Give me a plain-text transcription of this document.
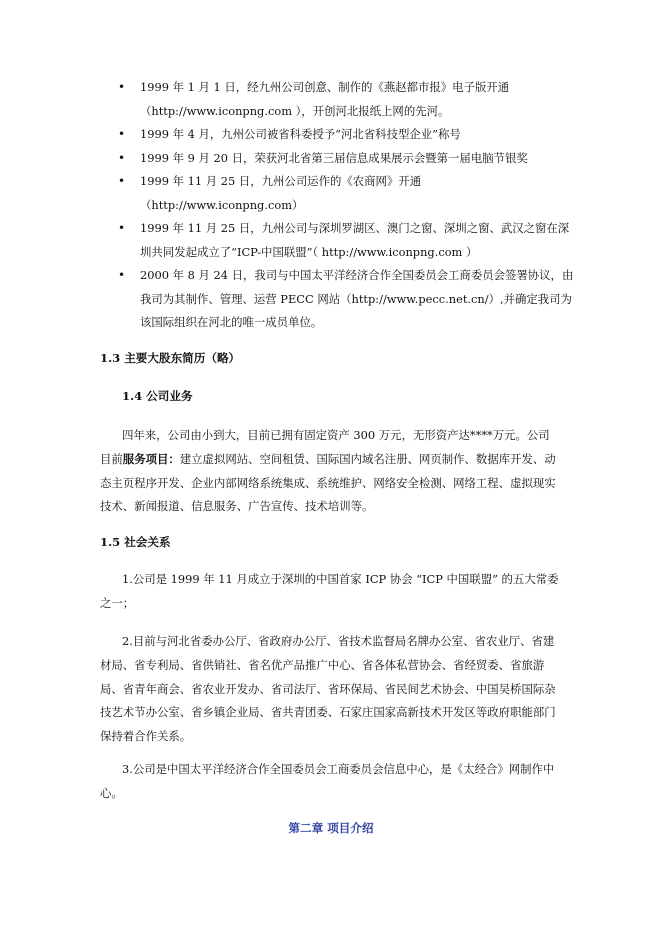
• 1999 年 1 月 1 日，经九州公司创意、制作的《燕赵都市报》电子版开通（http://www.iconpng.com ），开创河北报纸上网的先河。
• 1999 年 4 月，九州公司被省科委授予“河北省科技型企业”称号
• 1999 年 9 月 20 日，荣获河北省第三届信息成果展示会暨第一届电脑节银奖
• 1999 年 11 月 25 日，九州公司运作的《农商网》开通（http://www.iconpng.com）
• 1999 年 11 月 25 日，九州公司与深圳罗湖区、澳门之窗、深圳之窗、武汉之窗在深圳共同发起成立了“ICP-中国联盟”（ http://www.iconpng.com ）
• 2000 年 8 月 24 日，我司与中国太平洋经济合作全国委员会工商委员会签署协议，由我司为其制作、管理、运营 PECC 网站（http://www.pecc.net.cn/）,并确定我司为该国际组织在河北的唯一成员单位。
1.3 主要大股东简历（略）
1.4 公司业务
四年来，公司由小到大，目前已拥有固定资产 300 万元，无形资产达****万元。公司目前服务项目：建立虚拟网站、空间租赁、国际国内域名注册、网页制作、数据库开发、动态主页程序开发、企业内部网络系统集成、系统维护、网络安全检测、网络工程、虚拟现实技术、新闻报道、信息服务、广告宣传、技术培训等。
1.5 社会关系
1.公司是 1999 年 11 月成立于深圳的中国首家 ICP 协会 “ICP 中国联盟” 的五大常委之一；
2.目前与河北省委办公厅、省政府办公厅、省技术监督局名牌办公室、省农业厅、省建材局、省专利局、省供销社、省名优产品推广中心、省各体私营协会、省经贸委、省旅游局、省青年商会、省农业开发办、省司法厅、省环保局、省民间艺术协会、中国吴桥国际杂技艺术节办公室、省乡镇企业局、省共青团委、石家庄国家高新技术开发区等政府职能部门保持着合作关系。
3.公司是中国太平洋经济合作全国委员会工商委员会信息中心，是《太经合》网制作中心。
第二章 项目介绍
